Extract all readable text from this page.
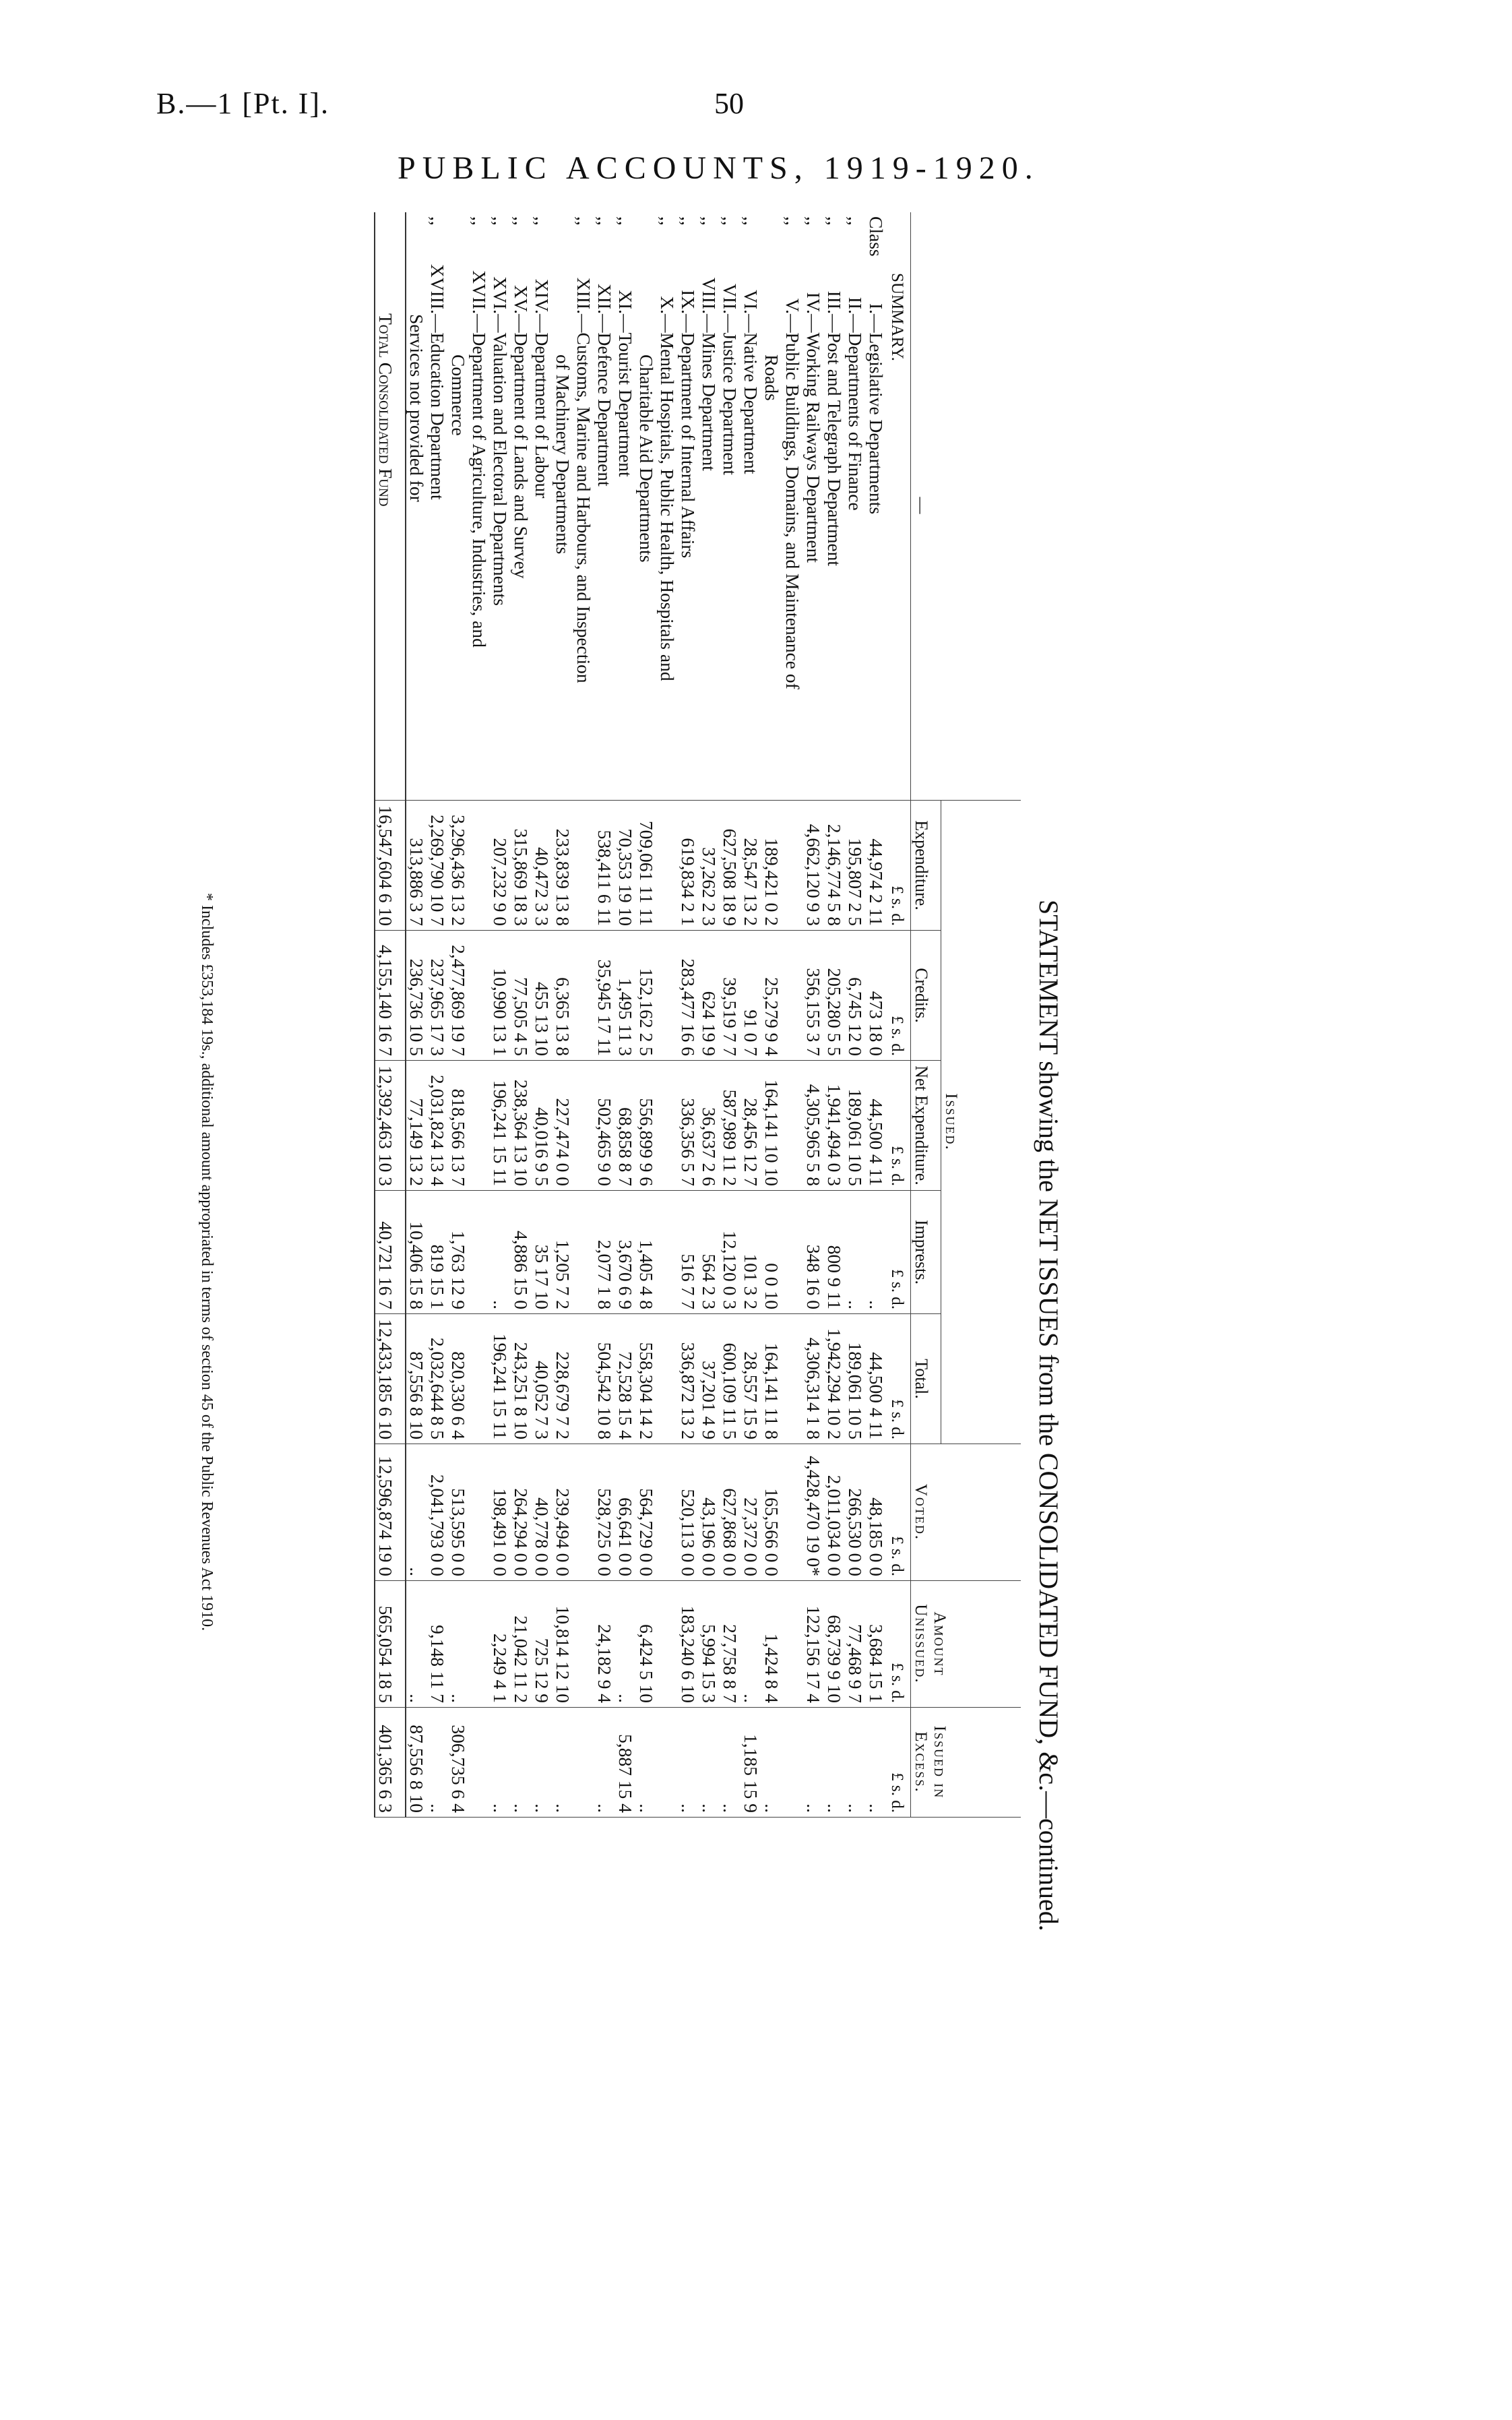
B.—1 [Pt. I].	50
PUBLIC ACCOUNTS, 1919-1920.
STATEMENT showing the NET ISSUES from the CONSOLIDATED FUND, &c.—continued.
—	Issued.					Voted.	Amount Unissued.	Issued in Excess.
	Expenditure.	Credits.	Net Expenditure.	Imprests.	Total.			
SUMMARY.	£ s. d.	£ s. d.	£ s. d.	£ s. d.	£ s. d.	£ s. d.	£ s. d.	£ s. d.
ClassI.—Legislative Departments	44,974 2 11	473 18 0	44,500 4 11	..	44,500 4 11	48,185 0 0	3,684 15 1	..
,,II.—Departments of Finance	195,807 2 5	6,745 12 0	189,061 10 5	..	189,061 10 5	266,530 0 0	77,468 9 7	..
,,III.—Post and Telegraph Department	2,146,774 5 8	205,280 5 5	1,941,494 0 3	800 9 11	1,942,294 10 2	2,011,034 0 0	68,739 9 10	..
,,IV.—Working Railways Department	4,662,120 9 3	356,155 3 7	4,305,965 5 8	348 16 0	4,306,314 1 8	4,428,470 19 0*	122,156 17 4	..
,,V.—Public Buildings, Domains, and Maintenance of								
Roads	189,421 0 2	25,279 9 4	164,141 10 10	0 0 10	164,141 11 8	165,566 0 0	1,424 8 4	..
,,VI.—Native Department	28,547 13 2	91 0 7	28,456 12 7	101 3 2	28,557 15 9	27,372 0 0	..	1,185 15 9
,,VII.—Justice Department	627,508 18 9	39,519 7 7	587,989 11 2	12,120 0 3	600,109 11 5	627,868 0 0	27,758 8 7	..
,,VIII.—Mines Department	37,262 2 3	624 19 9	36,637 2 6	564 2 3	37,201 4 9	43,196 0 0	5,994 15 3	..
,,IX.—Department of Internal Affairs	619,834 2 1	283,477 16 6	336,356 5 7	516 7 7	336,872 13 2	520,113 0 0	183,240 6 10	..
,,X.—Mental Hospitals, Public Health, Hospitals and								
Charitable Aid Departments	709,061 11 11	152,162 2 5	556,899 9 6	1,405 4 8	558,304 14 2	564,729 0 0	6,424 5 10	..
,,XI.—Tourist Department	70,353 19 10	1,495 11 3	68,858 8 7	3,670 6 9	72,528 15 4	66,641 0 0	..	5,887 15 4
,,XII.—Defence Department	538,411 6 11	35,945 17 11	502,465 9 0	2,077 1 8	504,542 10 8	528,725 0 0	24,182 9 4	..
,,XIII.—Customs, Marine and Harbours, and Inspection								
of Machinery Departments	233,839 13 8	6,365 13 8	227,474 0 0	1,205 7 2	228,679 7 2	239,494 0 0	10,814 12 10	..
,,XIV.—Department of Labour	40,472 3 3	455 13 10	40,016 9 5	35 17 10	40,052 7 3	40,778 0 0	725 12 9	..
,,XV.—Department of Lands and Survey	315,869 18 3	77,505 4 5	238,364 13 10	4,886 15 0	243,251 8 10	264,294 0 0	21,042 11 2	..
,,XVI.—Valuation and Electoral Departments	207,232 9 0	10,990 13 1	196,241 15 11	..	196,241 15 11	198,491 0 0	2,249 4 1	..
,,XVII.—Department of Agriculture, Industries, and								
Commerce	3,296,436 13 2	2,477,869 19 7	818,566 13 7	1,763 12 9	820,330 6 4	513,595 0 0	..	306,735 6 4
,,XVIII.—Education Department	2,269,790 10 7	237,965 17 3	2,031,824 13 4	819 15 1	2,032,644 8 5	2,041,793 0 0	9,148 11 7	..
Services not provided for	313,886 3 7	236,736 10 5	77,149 13 2	10,406 15 8	87,556 8 10	..	..	87,556 8 10
Total Consolidated Fund	16,547,604 6 10	4,155,140 16 7	12,392,463 10 3	40,721 16 7	12,433,185 6 10	12,596,874 19 0	565,054 18 5	401,365 6 3
* Includes £353,184 19s., additional amount appropriated in terms of section 45 of the Public Revenues Act 1910.
